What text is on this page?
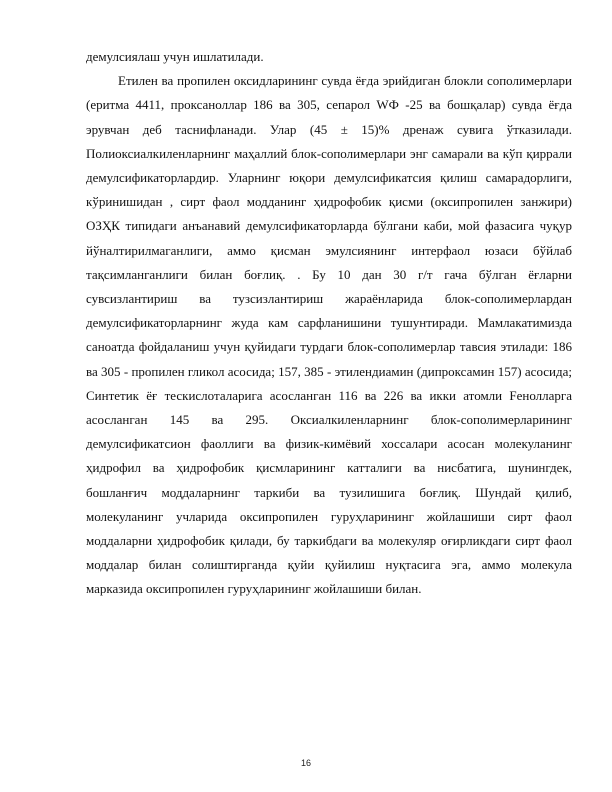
демулсиялаш учун ишлатилади.

Етилен ва пропилен оксидларининг сувда ёғда эрийдиган блокли сополимерлари (еритма 4411, проксаноллар 186 ва 305, сепарол WФ -25 ва бошқалар) сувда ёғда эрувчан деб таснифланади. Улар (45 ± 15)% дренаж сувига ўтказилади. Полиоксиалкиленларнинг маҳаллий блок-сополимерлари энг самарали ва кўп қиррали демулсификаторлардир. Уларнинг юқори демулсификатсия қилиш самарадорлиги, кўринишидан , сирт фаол модданинг ҳидрофобик қисми (оксипропилен занжири) ОЗҲК типидаги анъанавий демулсификаторларда бўлгани каби, мой фазасига чуқур йўналтирилмаганлиги, аммо қисман эмулсиянинг интерфаол юзаси бўйлаб тақсимланганлиги билан боғлиқ. . Бу 10 дан 30 г/т гача бўлган ёғларни сувсизлантириш ва тузсизлантириш жараёнларида блок-сополимерлардан демулсификаторларнинг жуда кам сарфланишини тушунтиради. Мамлакатимизда саноатда фойдаланиш учун қуйидаги турдаги блок-сополимерлар тавсия этилади: 186 ва 305 - пропилен гликол асосида; 157, 385 - этилендиамин (дипроксамин 157) асосида; Синтетик ёғ тескислоталарига асосланган 116 ва 226 ва икки атомли Fенолларга асосланган 145 ва 295. Оксиалкиленларнинг блок-сополимерларининг демулсификатсион фаоллиги ва физик-кимёвий хоссалари асосан молекуланинг ҳидрофил ва ҳидрофобик қисмларининг катталиги ва нисбатига, шунингдек, бошланғич моддаларнинг таркиби ва тузилишига боғлиқ. Шундай қилиб, молекуланинг учларида оксипропилен гуруҳларининг жойлашиши сирт фаол моддаларни ҳидрофобик қилади, бу таркибдаги ва молекуляр оғирликдаги сирт фаол моддалар билан солиштирганда қуйи қуйилиш нуқтасига эга, аммо молекула марказида оксипропилен гуруҳларининг жойлашиши билан.

16
